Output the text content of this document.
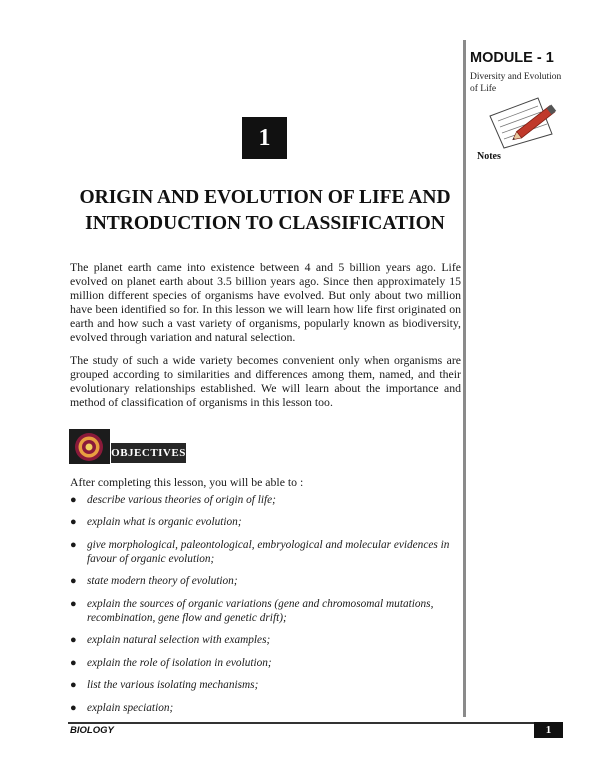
MODULE - 1
Diversity and Evolution of Life
Notes
1
ORIGIN AND EVOLUTION OF LIFE AND
INTRODUCTION TO CLASSIFICATION

The planet earth came into existence between 4 and 5 billion years ago. Life evolved on planet earth about 3.5 billion years ago. Since then approximately 15 million different species of organisms have evolved. But only about two million have been identified so for. In this lesson we will learn how life first originated on earth and how such a vast variety of organisms, popularly known as biodiversity, evolved through variation and natural selection.

The study of such a wide variety becomes convenient only when organisms are grouped according to similarities and differences among them, named, and their evolutionary relationships established. We will learn about the importance and method of classification of organisms in this lesson too.

OBJECTIVES

After completing this lesson, you will be able to :

● describe various theories of origin of life;
● explain what is organic evolution;
● give morphological, paleontological, embryological and molecular evidences in favour of organic evolution;
● state modern theory of evolution;
● explain the sources of organic variations (gene and chromosomal mutations, recombination, gene flow and genetic drift);
● explain natural selection with examples;
● explain the role of isolation in evolution;
● list the various isolating mechanisms;
● explain speciation;
BIOLOGY	1
